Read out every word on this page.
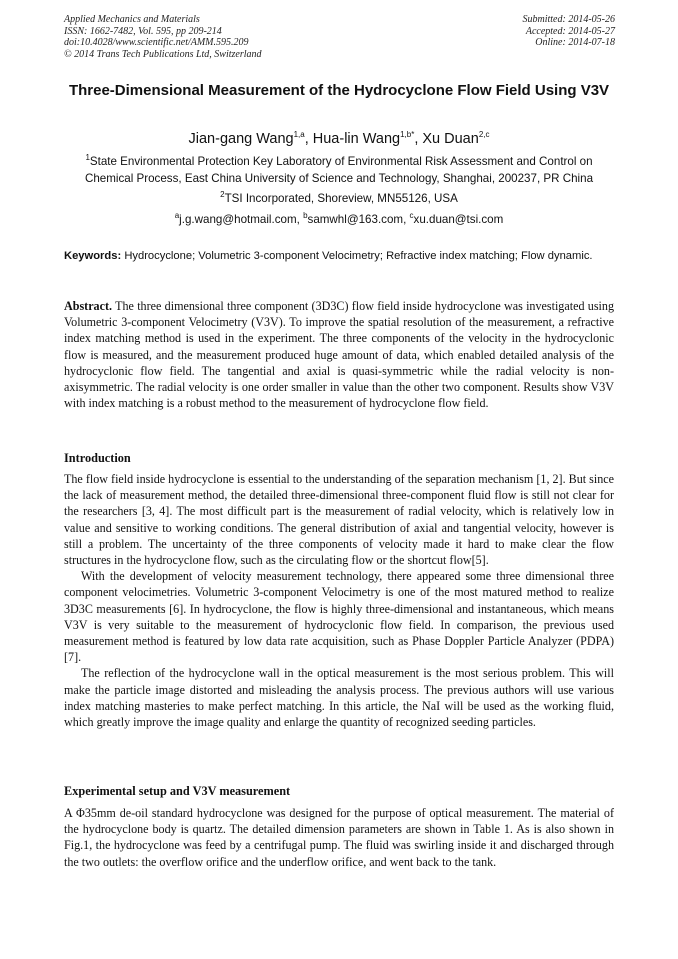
Applied Mechanics and Materials
ISSN: 1662-7482, Vol. 595, pp 209-214
doi:10.4028/www.scientific.net/AMM.595.209
© 2014 Trans Tech Publications Ltd, Switzerland
Submitted: 2014-05-26
Accepted: 2014-05-27
Online: 2014-07-18
Three-Dimensional Measurement of the Hydrocyclone Flow Field Using V3V
Jian-gang Wang$^{1,a}$, Hua-lin Wang$^{1,b*}$, Xu Duan$^{2,c}$
$^1$State Environmental Protection Key Laboratory of Environmental Risk Assessment and Control on Chemical Process, East China University of Science and Technology, Shanghai, 200237, PR China
$^2$TSI Incorporated, Shoreview, MN55126, USA
$^a$j.g.wang@hotmail.com, $^b$samwhl@163.com, $^c$xu.duan@tsi.com
Keywords: Hydrocyclone; Volumetric 3-component Velocimetry; Refractive index matching; Flow dynamic.
Abstract. The three dimensional three component (3D3C) flow field inside hydrocyclone was investigated using Volumetric 3-component Velocimetry (V3V). To improve the spatial resolution of the measurement, a refractive index matching method is used in the experiment. The three components of the velocity in the hydrocyclonic flow is measured, and the measurement produced huge amount of data, which enabled detailed analysis of the hydrocyclonic flow field. The tangential and axial is quasi-symmetric while the radial velocity is non-axisymmetric. The radial velocity is one order smaller in value than the other two component. Results show V3V with index matching is a robust method to the measurement of hydrocyclone flow field.
Introduction

The flow field inside hydrocyclone is essential to the understanding of the separation mechanism [1, 2]. But since the lack of measurement method, the detailed three-dimensional three-component fluid flow is still not clear for the researchers [3, 4]. The most difficult part is the measurement of radial velocity, which is relatively low in value and sensitive to working conditions. The general distribution of axial and tangential velocity, however is still a problem. The uncertainty of the three components of velocity made it hard to make clear the flow structures in the hydrocyclone flow, such as the circulating flow or the shortcut flow[5].

With the development of velocity measurement technology, there appeared some three dimensional three component velocimetries. Volumetric 3-component Velocimetry is one of the most matured method to realize 3D3C measurements [6]. In hydrocyclone, the flow is highly three-dimensional and instantaneous, which means V3V is very suitable to the measurement of hydrocyclonic flow field. In comparison, the previous used measurement method is featured by low data rate acquisition, such as Phase Doppler Particle Analyzer (PDPA) [7].

The reflection of the hydrocyclone wall in the optical measurement is the most serious problem. This will make the particle image distorted and misleading the analysis process. The previous authors will use various index matching masteries to make perfect matching. In this article, the NaI will be used as the working fluid, which greatly improve the image quality and enlarge the quantity of recognized seeding particles.

Experimental setup and V3V measurement

A Φ35mm de-oil standard hydrocyclone was designed for the purpose of optical measurement. The material of the hydrocyclone body is quartz. The detailed dimension parameters are shown in Table 1. As is also shown in Fig.1, the hydrocyclone was feed by a centrifugal pump. The fluid was swirling inside it and discharged through the two outlets: the overflow orifice and the underflow orifice, and went back to the tank.
